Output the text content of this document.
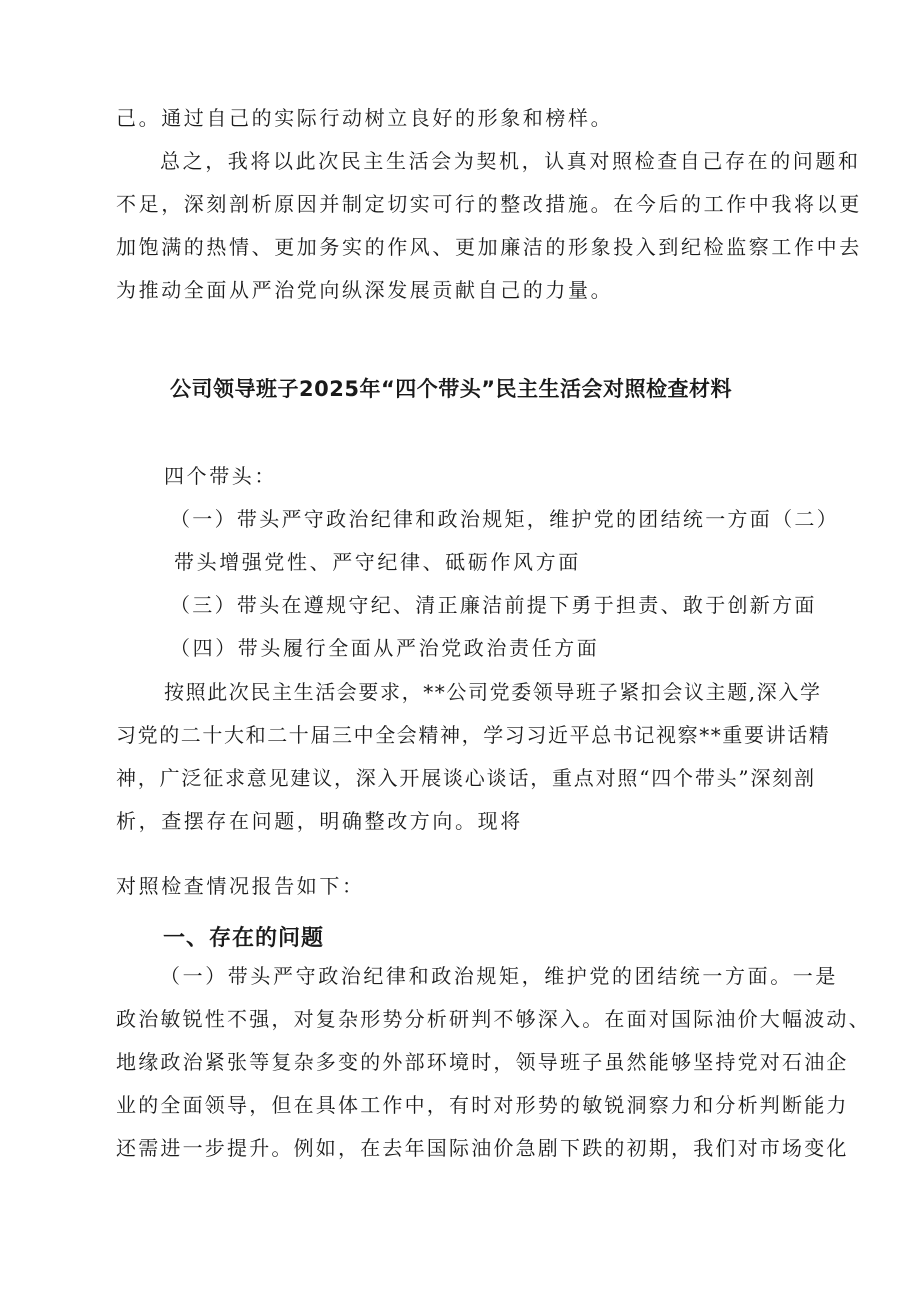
己。通过自己的实际行动树立良好的形象和榜样。
总之，我将以此次民主生活会为契机，认真对照检查自己存在的问题和
不足，深刻剖析原因并制定切实可行的整改措施。在今后的工作中我将以更
加饱满的热情、更加务实的作风、更加廉洁的形象投入到纪检监察工作中去
为推动全面从严治党向纵深发展贡献自己的力量。
公司领导班子2025年“四个带头”民主生活会对照检查材料
四个带头：
（一）带头严守政治纪律和政治规矩，维护党的团结统一方面（二）
带头增强党性、严守纪律、砥砺作风方面
（三）带头在遵规守纪、清正廉洁前提下勇于担责、敢于创新方面
（四）带头履行全面从严治党政治责任方面
按照此次民主生活会要求，**公司党委领导班子紧扣会议主题,深入学
习党的二十大和二十届三中全会精神，学习习近平总书记视察**重要讲话精
神，广泛征求意见建议，深入开展谈心谈话，重点对照“四个带头”深刻剖
析，查摆存在问题，明确整改方向。现将
对照检查情况报告如下：
一、存在的问题
（一）带头严守政治纪律和政治规矩，维护党的团结统一方面。一是
政治敏锐性不强，对复杂形势分析研判不够深入。在面对国际油价大幅波动、
地缘政治紧张等复杂多变的外部环境时，领导班子虽然能够坚持党对石油企
业的全面领导，但在具体工作中，有时对形势的敏锐洞察力和分析判断能力
还需进一步提升。例如，在去年国际油价急剧下跌的初期，我们对市场变化
